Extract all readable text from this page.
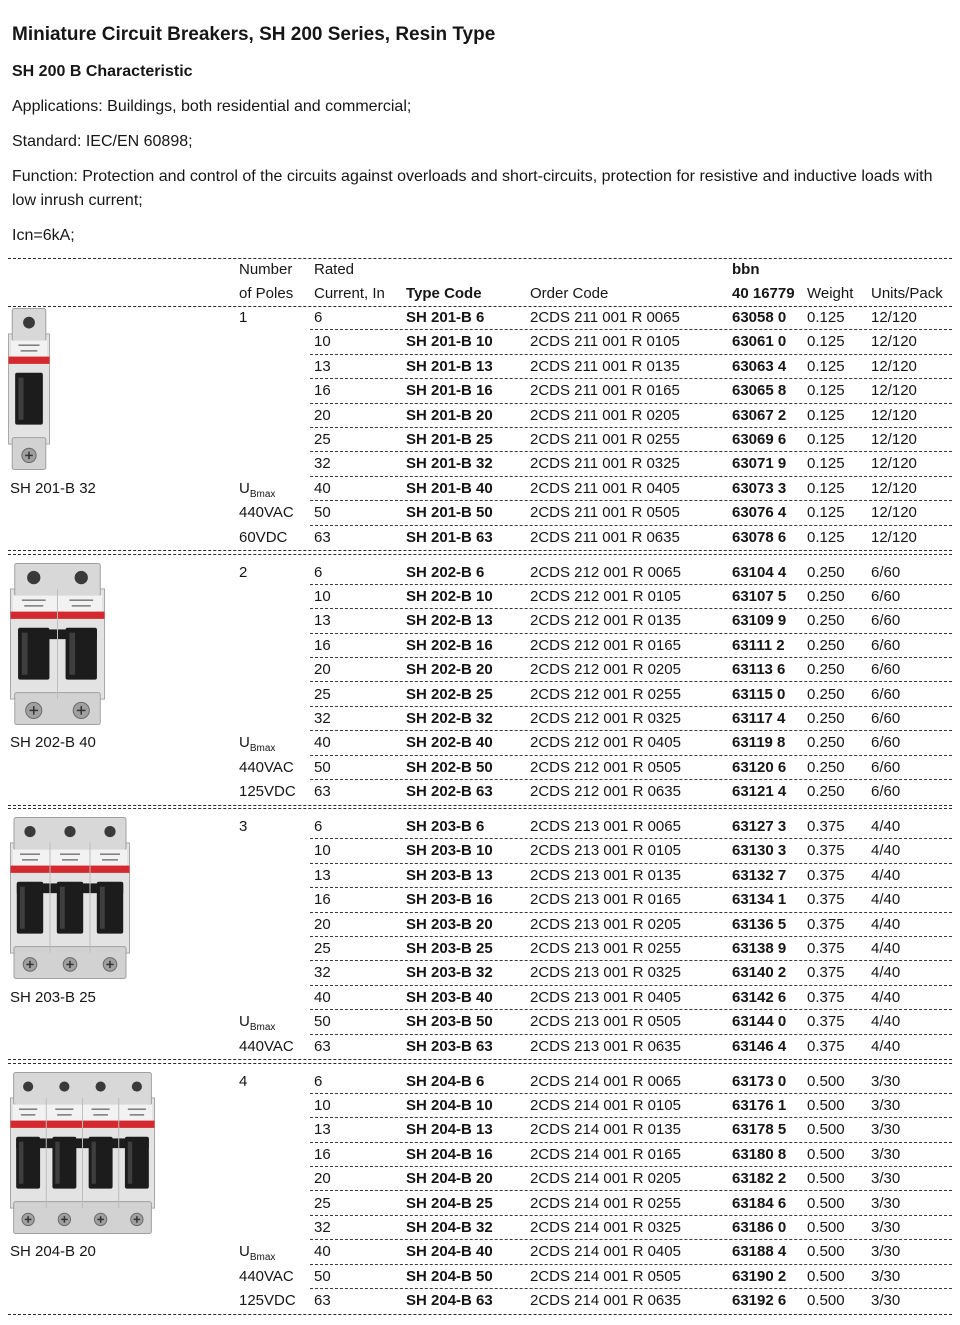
Miniature Circuit Breakers, SH 200 Series, Resin Type
SH 200 B Characteristic
Applications: Buildings, both residential and commercial;
Standard: IEC/EN 60898;
Function: Protection and control of the circuits against overloads and short-circuits, protection for resistive and inductive loads with low inrush current;
Icn=6kA;
Number
of Poles
Rated
Current, In Type Code	Order Code
bbn
40 16779 Weight Units/Pack
SH 201-B 32
1	6	SH 201-B 6	2CDS 211 001 R 0065	63058 0 0.125 12/120
10	SH 201-B 10 2CDS 211 001 R 0105	63061 0 0.125 12/120
13	SH 201-B 13 2CDS 211 001 R 0135	63063 4 0.125 12/120
16	SH 201-B 16 2CDS 211 001 R 0165	63065 8 0.125 12/120
20	SH 201-B 20 2CDS 211 001 R 0205	63067 2 0.125 12/120
25	SH 201-B 25 2CDS 211 001 R 0255	63069 6 0.125 12/120
32	SH 201-B 32 2CDS 211 001 R 0325	63071 9 0.125 12/120
$U_{Bmax}$	40	SH 201-B 40 2CDS 211 001 R 0405	63073 3 0.125 12/120
440VAC 50	SH 201-B 50 2CDS 211 001 R 0505	63076 4 0.125 12/120
60VDC 63	SH 201-B 63 2CDS 211 001 R 0635	63078 6 0.125 12/120
SH 202-B 40
2	6	SH 202-B 6	2CDS 212 001 R 0065	63104 4 0.250 6/60
10	SH 202-B 10 2CDS 212 001 R 0105	63107 5 0.250 6/60
13	SH 202-B 13 2CDS 212 001 R 0135	63109 9 0.250 6/60
16	SH 202-B 16 2CDS 212 001 R 0165	63111 2 0.250 6/60
20	SH 202-B 20 2CDS 212 001 R 0205	63113 6 0.250 6/60
25	SH 202-B 25 2CDS 212 001 R 0255	63115 0 0.250 6/60
32	SH 202-B 32 2CDS 212 001 R 0325	63117 4 0.250 6/60
$U_{Bmax}$	40	SH 202-B 40 2CDS 212 001 R 0405	63119 8 0.250 6/60
440VAC 50	SH 202-B 50 2CDS 212 001 R 0505	63120 6 0.250 6/60
125VDC 63	SH 202-B 63 2CDS 212 001 R 0635	63121 4 0.250 6/60
SH 203-B 25
3	6	SH 203-B 6	2CDS 213 001 R 0065	63127 3 0.375 4/40
10	SH 203-B 10 2CDS 213 001 R 0105	63130 3 0.375 4/40
13	SH 203-B 13 2CDS 213 001 R 0135	63132 7 0.375 4/40
16	SH 203-B 16 2CDS 213 001 R 0165	63134 1 0.375 4/40
20	SH 203-B 20 2CDS 213 001 R 0205	63136 5 0.375 4/40
25	SH 203-B 25 2CDS 213 001 R 0255	63138 9 0.375 4/40
32	SH 203-B 32 2CDS 213 001 R 0325	63140 2 0.375 4/40
40	SH 203-B 40 2CDS 213 001 R 0405	63142 6 0.375 4/40
$U_{Bmax}$	50	SH 203-B 50 2CDS 213 001 R 0505	63144 0 0.375 4/40
440VAC 63	SH 203-B 63 2CDS 213 001 R 0635	63146 4 0.375 4/40
SH 204-B 20
4	6	SH 204-B 6	2CDS 214 001 R 0065	63173 0 0.500 3/30
10	SH 204-B 10 2CDS 214 001 R 0105	63176 1 0.500 3/30
13	SH 204-B 13 2CDS 214 001 R 0135	63178 5 0.500 3/30
16	SH 204-B 16 2CDS 214 001 R 0165	63180 8 0.500 3/30
20	SH 204-B 20 2CDS 214 001 R 0205	63182 2 0.500 3/30
25	SH 204-B 25 2CDS 214 001 R 0255	63184 6 0.500 3/30
32	SH 204-B 32 2CDS 214 001 R 0325	63186 0 0.500 3/30
$U_{Bmax}$	40	SH 204-B 40 2CDS 214 001 R 0405	63188 4 0.500 3/30
440VAC 50	SH 204-B 50 2CDS 214 001 R 0505	63190 2 0.500 3/30
125VDC 63	SH 204-B 63 2CDS 214 001 R 0635	63192 6 0.500 3/30
